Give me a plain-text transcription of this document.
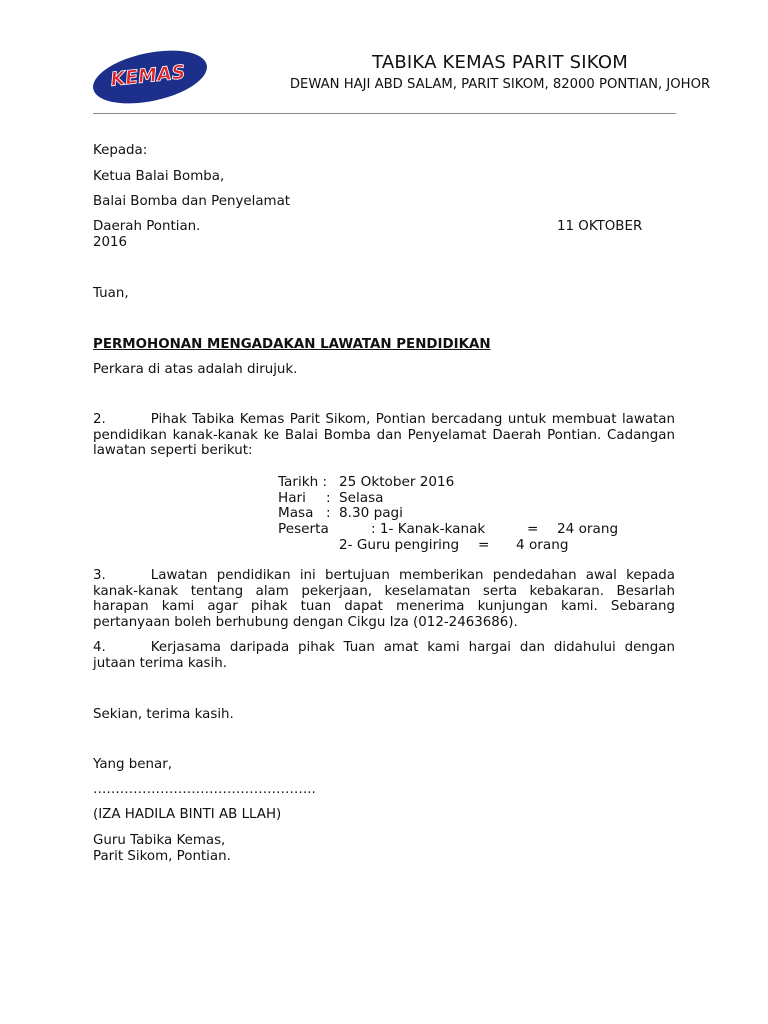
KEMAS	TABIKA KEMAS PARIT SIKOM
DEWAN HAJI ABD SALAM, PARIT SIKOM, 82000 PONTIAN, JOHOR
Kepada:
Ketua Balai Bomba,
Balai Bomba dan Penyelamat
Daerah Pontian.	11 OKTOBER
2016
Tuan,
PERMOHONAN MENGADAKAN LAWATAN PENDIDIKAN
Perkara di atas adalah dirujuk.
2.	Pihak Tabika Kemas Parit Sikom, Pontian bercadang untuk membuat lawatan pendidikan kanak-kanak ke Balai Bomba dan Penyelamat Daerah Pontian. Cadangan lawatan seperti berikut:
Tarikh : 25 Oktober 2016
Hari : Selasa
Masa : 8.30 pagi
Peserta	: 1- Kanak-kanak	= 24 orang
2- Guru pengiring = 4 orang
3.	Lawatan pendidikan ini bertujuan memberikan pendedahan awal kepada kanak-kanak tentang alam pekerjaan, keselamatan serta kebakaran. Besarlah harapan kami agar pihak tuan dapat menerima kunjungan kami. Sebarang pertanyaan boleh berhubung dengan Cikgu Iza (012-2463686).
4.	Kerjasama daripada pihak Tuan amat kami hargai dan didahului dengan jutaan terima kasih.
Sekian, terima kasih.
Yang benar,
…………………………………………..
(IZA HADILA BINTI AB LLAH)
Guru Tabika Kemas,
Parit Sikom, Pontian.
